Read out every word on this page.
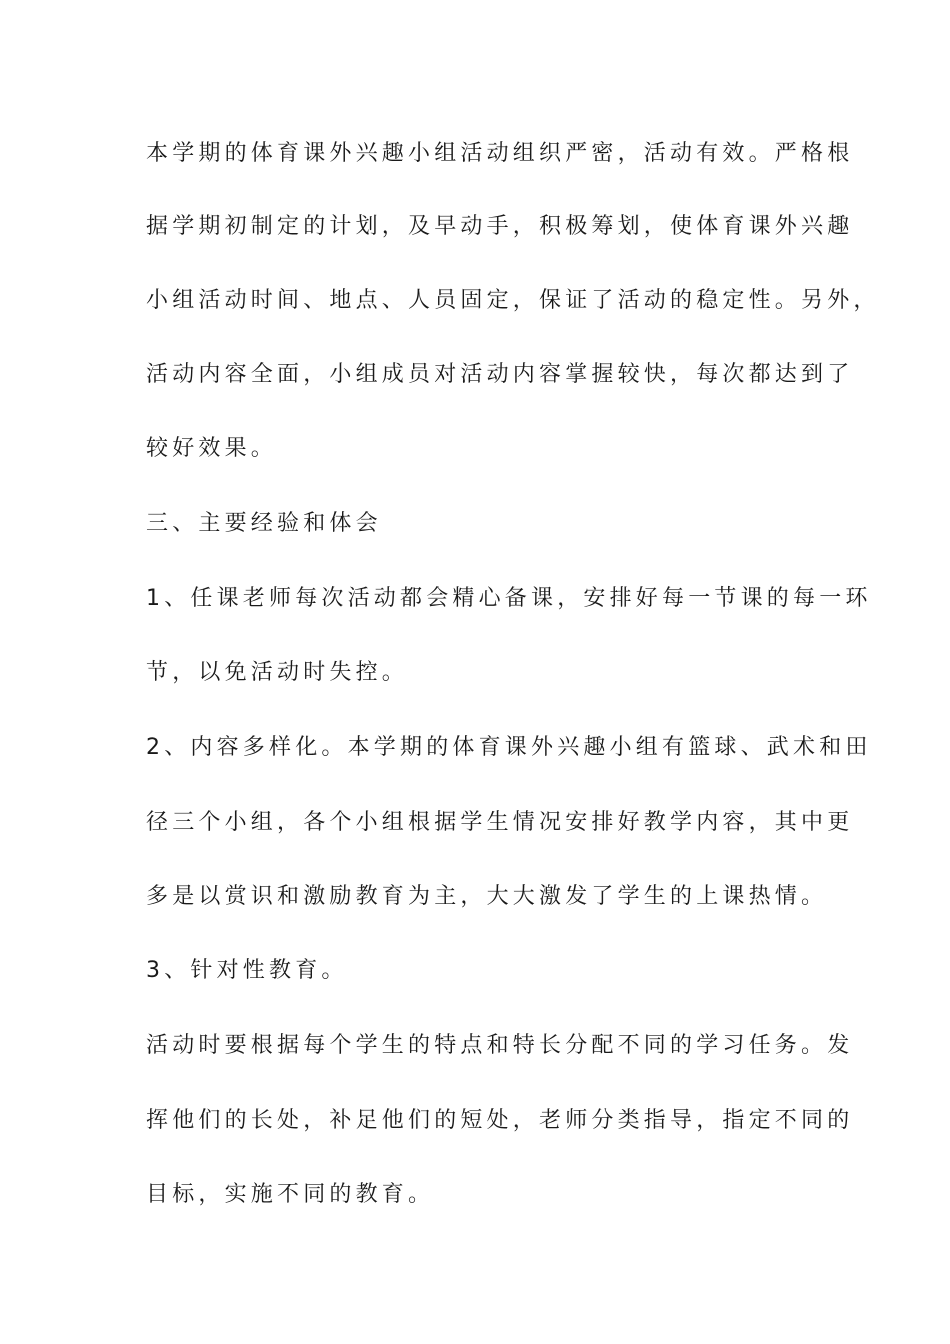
本学期的体育课外兴趣小组活动组织严密，活动有效。严格根
据学期初制定的计划，及早动手，积极筹划，使体育课外兴趣
小组活动时间、地点、人员固定，保证了活动的稳定性。另外，
活动内容全面，小组成员对活动内容掌握较快，每次都达到了
较好效果。
三、主要经验和体会
1、任课老师每次活动都会精心备课，安排好每一节课的每一环
节，以免活动时失控。
2、内容多样化。本学期的体育课外兴趣小组有篮球、武术和田
径三个小组，各个小组根据学生情况安排好教学内容，其中更
多是以赏识和激励教育为主，大大激发了学生的上课热情。
3、针对性教育。
活动时要根据每个学生的特点和特长分配不同的学习任务。发
挥他们的长处，补足他们的短处，老师分类指导，指定不同的
目标，实施不同的教育。
